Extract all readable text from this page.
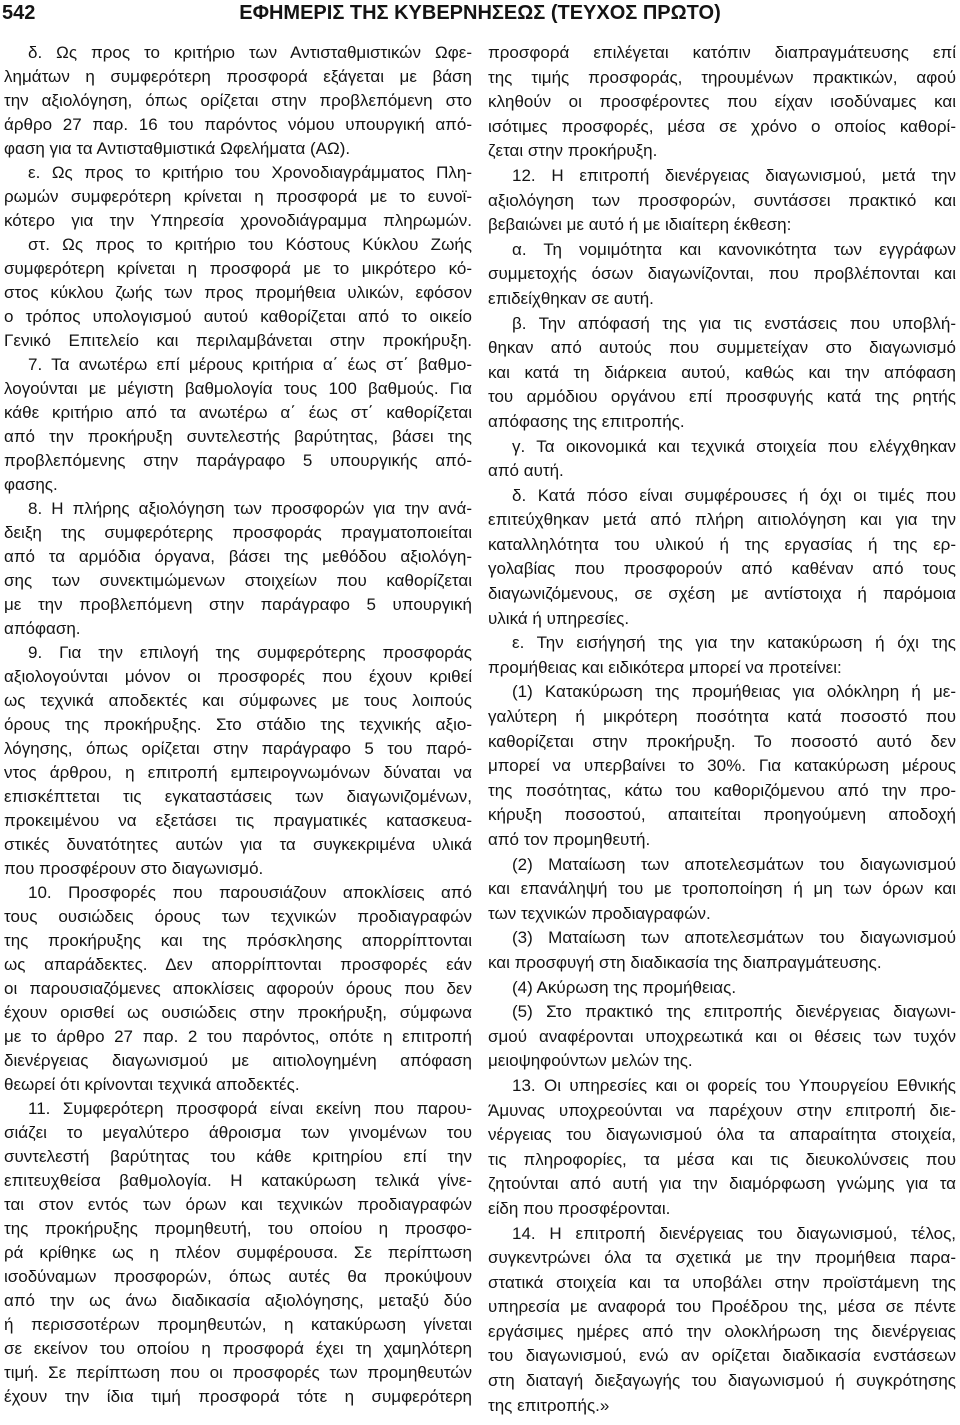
542	ΕΦΗΜΕΡΙΣ ΤΗΣ ΚΥΒΕΡΝΗΣΕΩΣ (ΤΕΥΧΟΣ ΠΡΩΤΟ)
δ. Ως προς το κριτήριο των Αντισταθμιστικών Ωφε-
λημάτων η συμφερότερη προσφορά εξάγεται με βάση
την αξιολόγηση, όπως ορίζεται στην προβλεπόμενη στο
άρθρο 27 παρ. 16 του παρόντος νόμου υπουργική από-
φαση για τα Αντισταθμιστικά Ωφελήματα (ΑΩ).
ε. Ως προς το κριτήριο του Χρονοδιαγράμματος Πλη-
ρωμών συμφερότερη κρίνεται η προσφορά με το ευνοϊ-
κότερο για την Υπηρεσία χρονοδιάγραμμα πληρωμών.
στ. Ως προς το κριτήριο του Κόστους Κύκλου Ζωής
συμφερότερη κρίνεται η προσφορά με το μικρότερο κό-
στος κύκλου ζωής των προς προμήθεια υλικών, εφόσον
ο τρόπος υπολογισμού αυτού καθορίζεται από το οικείο
Γενικό Επιτελείο και περιλαμβάνεται στην προκήρυξη.
7. Τα ανωτέρω επί μέρους κριτήρια α΄ έως στ΄ βαθμο-
λογούνται με μέγιστη βαθμολογία τους 100 βαθμούς. Για
κάθε κριτήριο από τα ανωτέρω α΄ έως στ΄ καθορίζεται
από την προκήρυξη συντελεστής βαρύτητας, βάσει της
προβλεπόμενης στην παράγραφο 5 υπουργικής από-
φασης.
8. Η πλήρης αξιολόγηση των προσφορών για την ανά-
δειξη της συμφερότερης προσφοράς πραγματοποιείται
από τα αρμόδια όργανα, βάσει της μεθόδου αξιολόγη-
σης των συνεκτιμώμενων στοιχείων που καθορίζεται
με την προβλεπόμενη στην παράγραφο 5 υπουργική
απόφαση.
9. Για την επιλογή της συμφερότερης προσφοράς
αξιολογούνται μόνον οι προσφορές που έχουν κριθεί
ως τεχνικά αποδεκτές και σύμφωνες με τους λοιπούς
όρους της προκήρυξης. Στο στάδιο της τεχνικής αξιο-
λόγησης, όπως ορίζεται στην παράγραφο 5 του παρό-
ντος άρθρου, η επιτροπή εμπειρογνωμόνων δύναται να
επισκέπτεται τις εγκαταστάσεις των διαγωνιζομένων,
προκειμένου να εξετάσει τις πραγματικές κατασκευα-
στικές δυνατότητες αυτών για τα συγκεκριμένα υλικά
που προσφέρουν στο διαγωνισμό.
10. Προσφορές που παρουσιάζουν αποκλίσεις από
τους ουσιώδεις όρους των τεχνικών προδιαγραφών
της προκήρυξης και της πρόσκλησης απορρίπτονται
ως απαράδεκτες. Δεν απορρίπτονται προσφορές εάν
οι παρουσιαζόμενες αποκλίσεις αφορούν όρους που δεν
έχουν ορισθεί ως ουσιώδεις στην προκήρυξη, σύμφωνα
με το άρθρο 27 παρ. 2 του παρόντος, οπότε η επιτροπή
διενέργειας διαγωνισμού με αιτιολογημένη απόφαση
θεωρεί ότι κρίνονται τεχνικά αποδεκτές.
11. Συμφερότερη προσφορά είναι εκείνη που παρου-
σιάζει το μεγαλύτερο άθροισμα των γινομένων του
συντελεστή βαρύτητας του κάθε κριτηρίου επί την
επιτευχθείσα βαθμολογία. Η κατακύρωση τελικά γίνε-
ται στον εντός των όρων και τεχνικών προδιαγραφών
της προκήρυξης προμηθευτή, του οποίου η προσφο-
ρά κρίθηκε ως η πλέον συμφέρουσα. Σε περίπτωση
ισοδύναμων προσφορών, όπως αυτές θα προκύψουν
από την ως άνω διαδικασία αξιολόγησης, μεταξύ δύο
ή περισσοτέρων προμηθευτών, η κατακύρωση γίνεται
σε εκείνον του οποίου η προσφορά έχει τη χαμηλότερη
τιμή. Σε περίπτωση που οι προσφορές των προμηθευτών
έχουν την ίδια τιμή προσφορά τότε η συμφερότερη
προσφορά επιλέγεται κατόπιν διαπραγμάτευσης επί
της τιμής προσφοράς, τηρουμένων πρακτικών, αφού
κληθούν οι προσφέροντες που είχαν ισοδύναμες και
ισότιμες προσφορές, μέσα σε χρόνο ο οποίος καθορί-
ζεται στην προκήρυξη.
12. Η επιτροπή διενέργειας διαγωνισμού, μετά την
αξιολόγηση των προσφορών, συντάσσει πρακτικό και
βεβαιώνει με αυτό ή με ιδιαίτερη έκθεση:
α. Τη νομιμότητα και κανονικότητα των εγγράφων
συμμετοχής όσων διαγωνίζονται, που προβλέπονται και
επιδείχθηκαν σε αυτή.
β. Την απόφασή της για τις ενστάσεις που υποβλή-
θηκαν από αυτούς που συμμετείχαν στο διαγωνισμό
και κατά τη διάρκεια αυτού, καθώς και την απόφαση
του αρμόδιου οργάνου επί προσφυγής κατά της ρητής
απόφασης της επιτροπής.
γ. Τα οικονομικά και τεχνικά στοιχεία που ελέγχθηκαν
από αυτή.
δ. Κατά πόσο είναι συμφέρουσες ή όχι οι τιμές που
επιτεύχθηκαν μετά από πλήρη αιτιολόγηση και για την
καταλληλότητα του υλικού ή της εργασίας ή της ερ-
γολαβίας που προσφορούν από καθέναν από τους
διαγωνιζόμενους, σε σχέση με αντίστοιχα ή παρόμοια
υλικά ή υπηρεσίες.
ε. Την εισήγησή της για την κατακύρωση ή όχι της
προμήθειας και ειδικότερα μπορεί να προτείνει:
(1) Κατακύρωση της προμήθειας για ολόκληρη ή με-
γαλύτερη ή μικρότερη ποσότητα κατά ποσοστό που
καθορίζεται στην προκήρυξη. Το ποσοστό αυτό δεν
μπορεί να υπερβαίνει το 30%. Για κατακύρωση μέρους
της ποσότητας, κάτω του καθοριζόμενου από την προ-
κήρυξη ποσοστού, απαιτείται προηγούμενη αποδοχή
από τον προμηθευτή.
(2) Ματαίωση των αποτελεσμάτων του διαγωνισμού
και επανάληψή του με τροποποίηση ή μη των όρων και
των τεχνικών προδιαγραφών.
(3) Ματαίωση των αποτελεσμάτων του διαγωνισμού
και προσφυγή στη διαδικασία της διαπραγμάτευσης.
(4) Ακύρωση της προμήθειας.
(5) Στο πρακτικό της επιτροπής διενέργειας διαγωνι-
σμού αναφέρονται υποχρεωτικά και οι θέσεις των τυχόν
μειοψηφούντων μελών της.
13. Οι υπηρεσίες και οι φορείς του Υπουργείου Εθνικής
Άμυνας υποχρεούνται να παρέχουν στην επιτροπή διε-
νέργειας του διαγωνισμού όλα τα απαραίτητα στοιχεία,
τις πληροφορίες, τα μέσα και τις διευκολύνσεις που
ζητούνται από αυτή για την διαμόρφωση γνώμης για τα
είδη που προσφέρονται.
14. Η επιτροπή διενέργειας του διαγωνισμού, τέλος,
συγκεντρώνει όλα τα σχετικά με την προμήθεια παρα-
στατικά στοιχεία και τα υποβάλει στην προϊστάμενη της
υπηρεσία με αναφορά του Προέδρου της, μέσα σε πέντε
εργάσιμες ημέρες από την ολοκλήρωση της διενέργειας
του διαγωνισμού, ενώ αν ορίζεται διαδικασία ενστάσεων
στη διαταγή διεξαγωγής του διαγωνισμού ή συγκρότησης
της επιτροπής.»
